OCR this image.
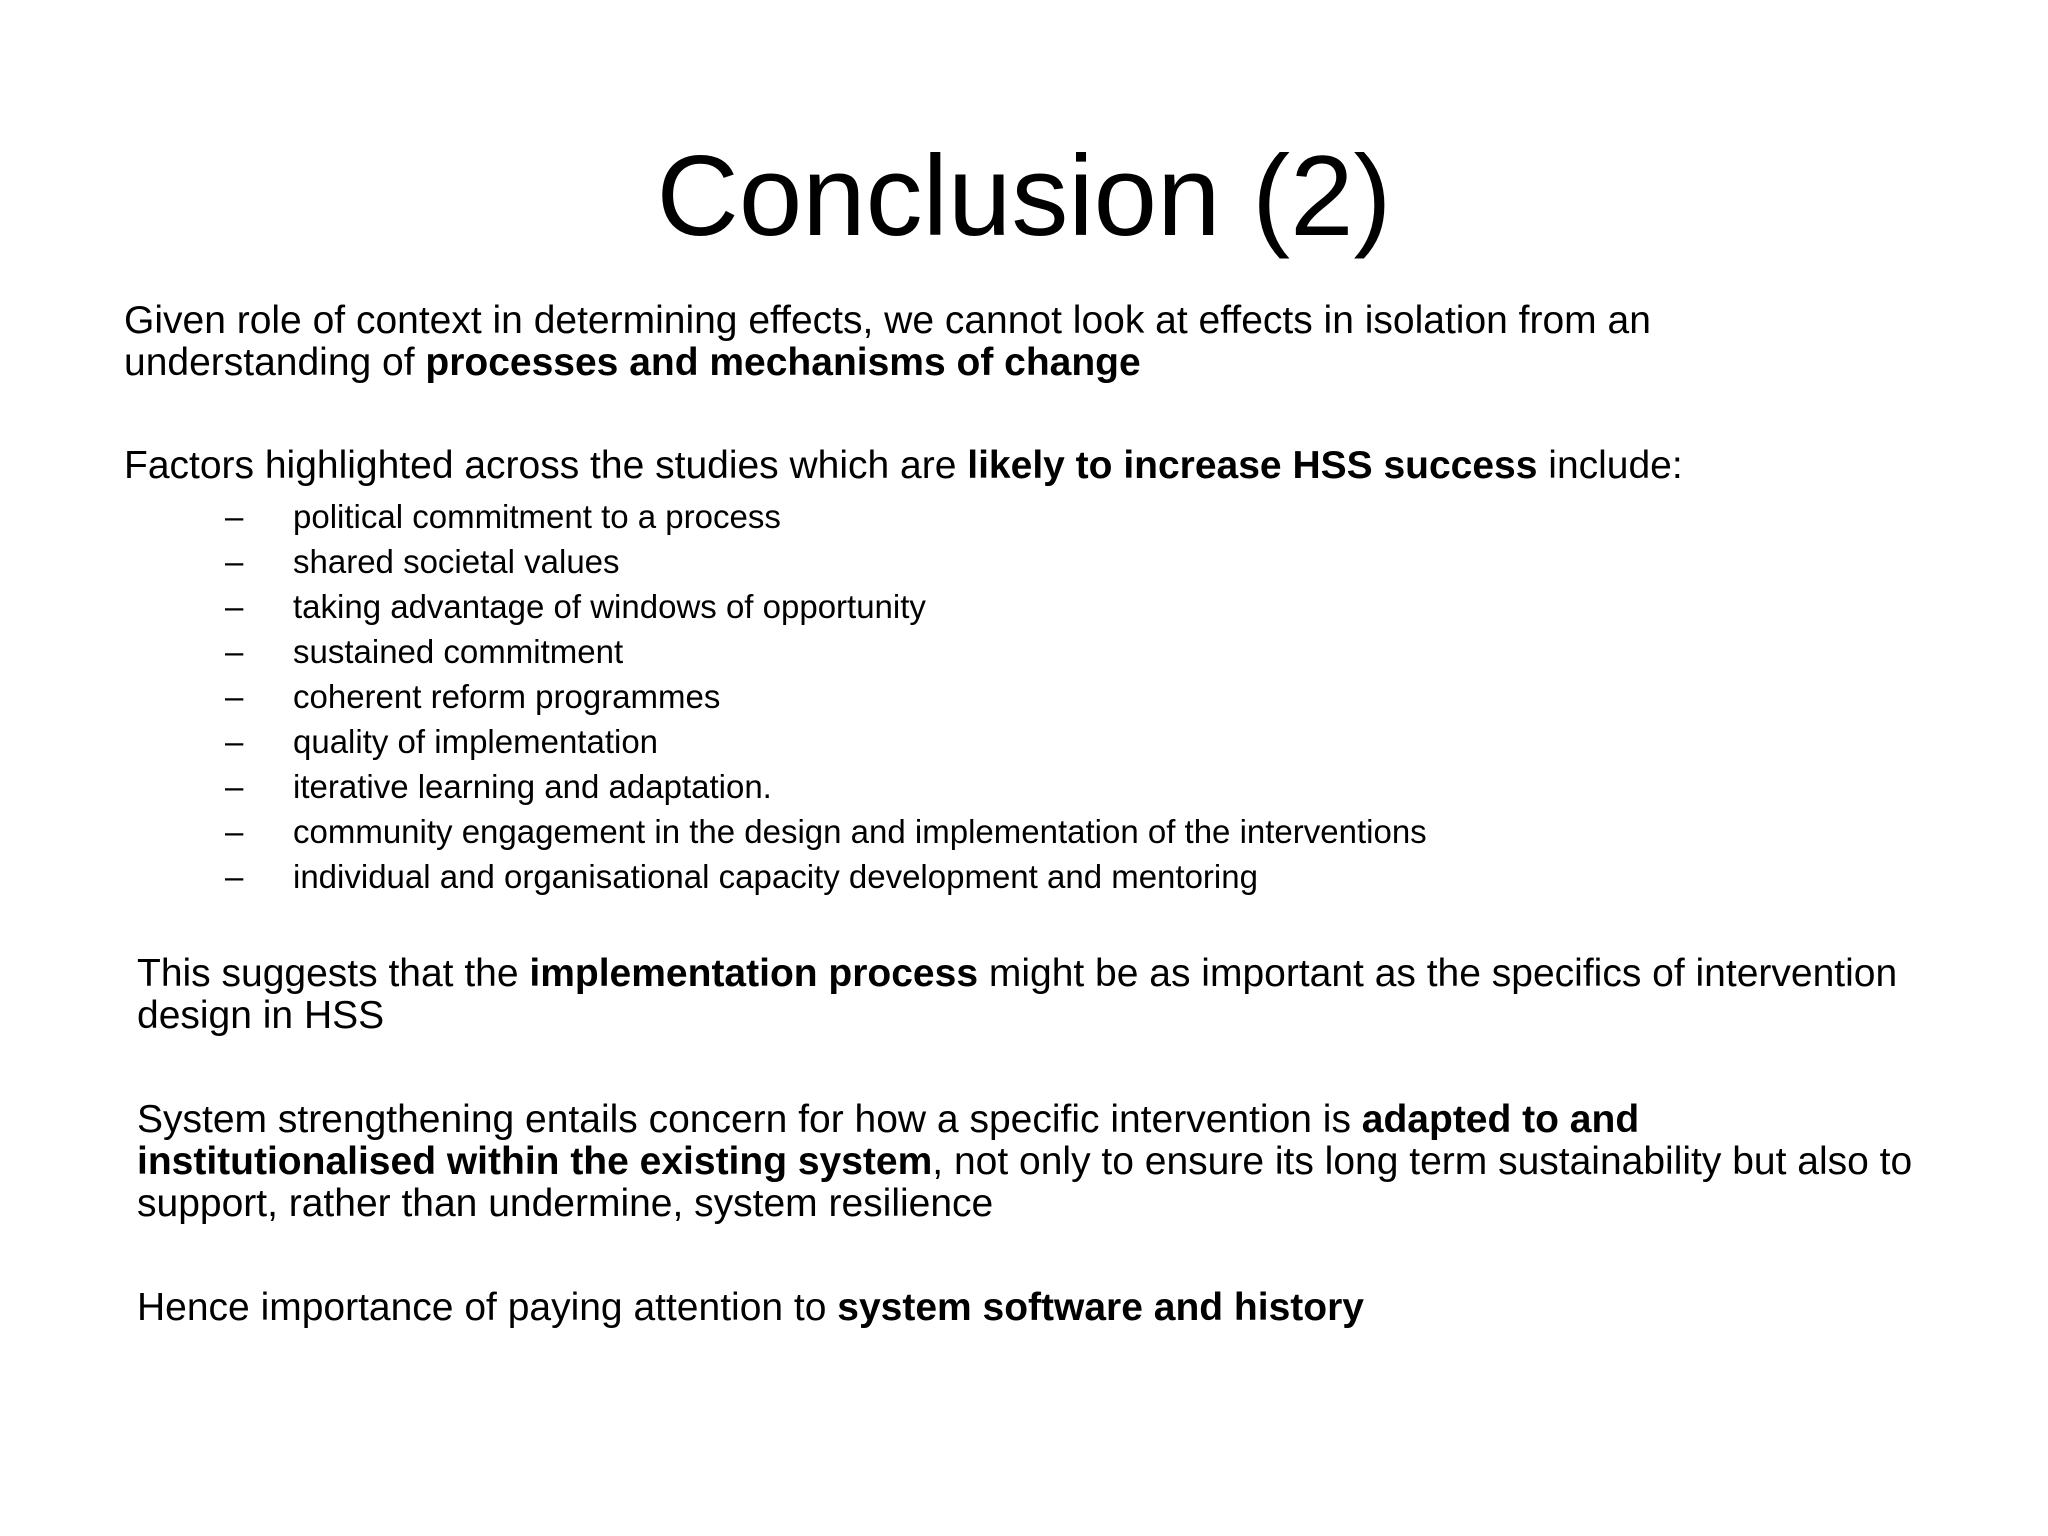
Conclusion (2)

Given role of context in determining effects, we cannot look at effects in isolation from an
understanding of processes and mechanisms of change

Factors highlighted across the studies which are likely to increase HSS success include:

–	political commitment to a process
–	shared societal values
–	taking advantage of windows of opportunity
–	sustained commitment
–	coherent reform programmes
–	quality of implementation
–	iterative learning and adaptation.
–	community engagement in the design and implementation of the interventions
–	individual and organisational capacity development and mentoring

This suggests that the implementation process might be as important as the specifics of intervention
design in HSS

System strengthening entails concern for how a specific intervention is adapted to and
institutionalised within the existing system, not only to ensure its long term sustainability but also to
support, rather than undermine, system resilience

Hence importance of paying attention to system software and history
